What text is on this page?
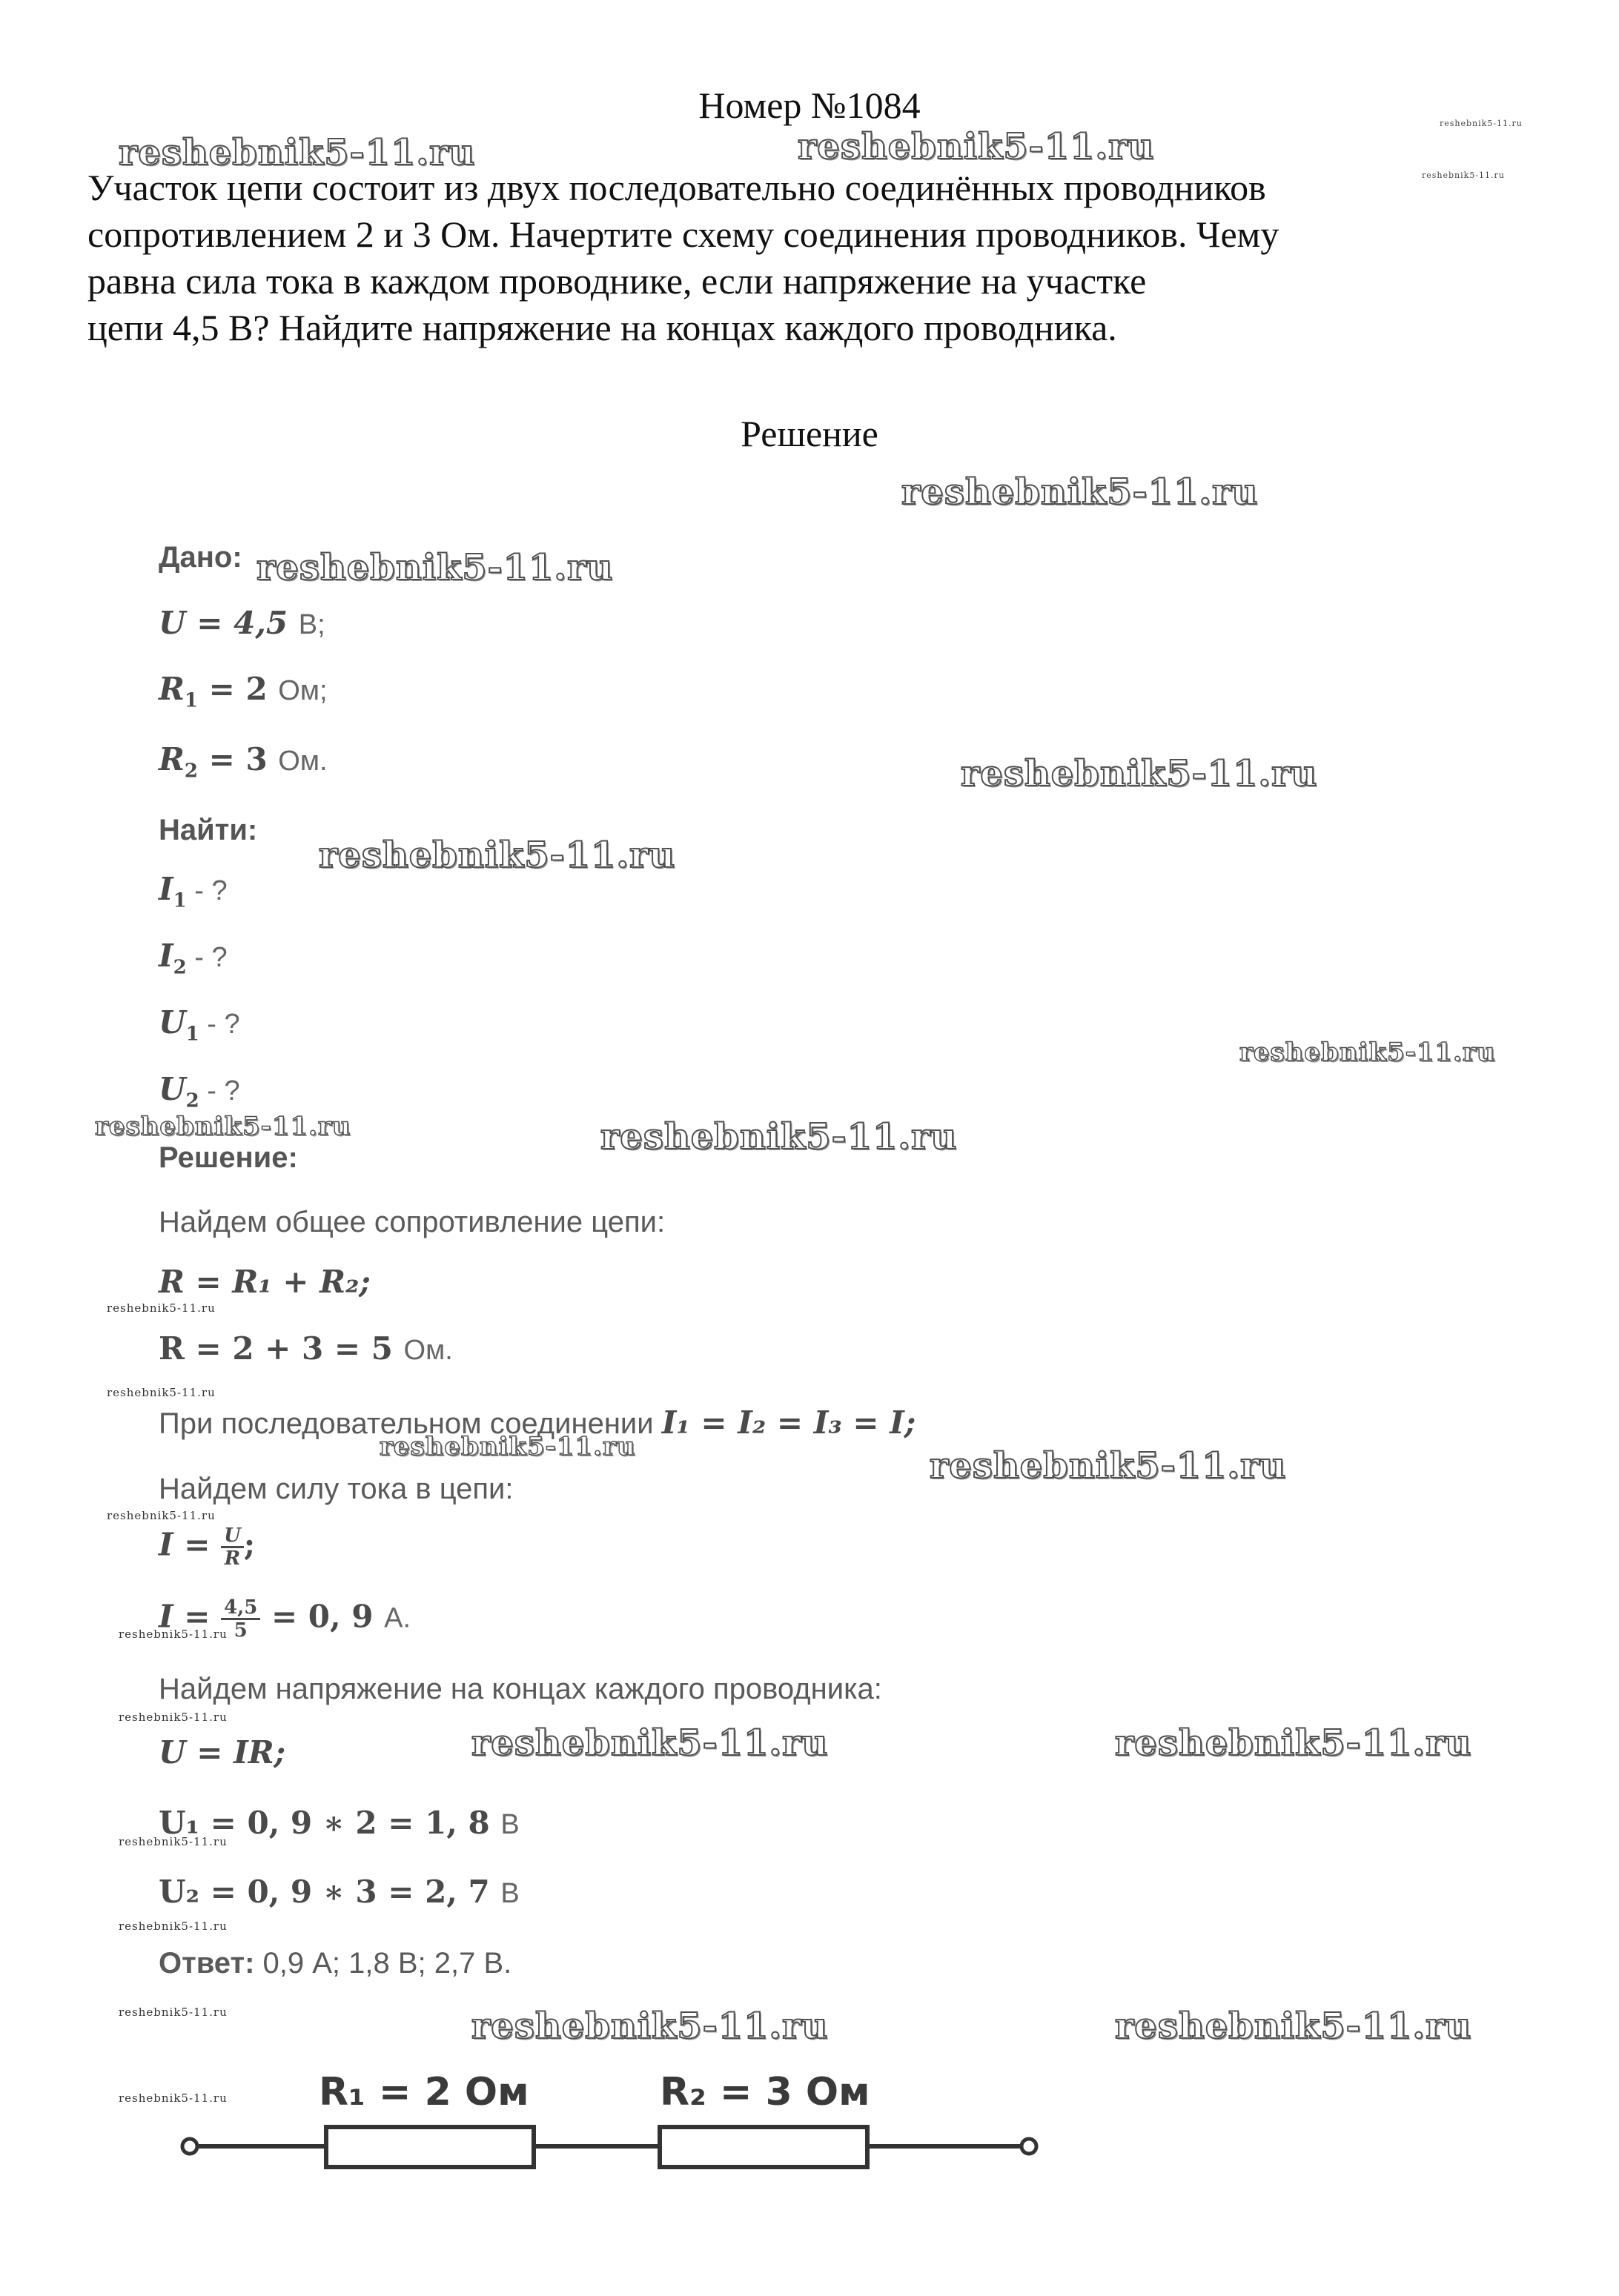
Номер №1084
Участок цепи состоит из двух последовательно соединённых проводников
сопротивлением 2 и 3 Ом. Начертите схему соединения проводников. Чему
равна сила тока в каждом проводнике, если напряжение на участке
цепи 4,5 В? Найдите напряжение на концах каждого проводника.
Решение
Дано:
U = 4,5 В;
$R_1 = 2$ Ом;
$R_2 = 3$ Ом.
Найти:
$I_1$ - ?
$I_2$ - ?
$U_1$ - ?
$U_2$ - ?
Решение:
Найдем общее сопротивление цепи:
R = R₁ + R₂;
R = 2 + 3 = 5 Ом.
При последовательном соединении I₁ = I₂ = I₃ = I;
Найдем силу тока в цепи:
$I = \frac{U}{R}$ ;
$I = \frac{4,5}{5} = 0$, 9 А.
Найдем напряжение на концах каждого проводника:
U = IR;
U₁ = 0, 9 ∗ 2 = 1, 8 В
U₂ = 0, 9 ∗ 3 = 2, 7 В
Ответ: 0,9 А; 1,8 В; 2,7 В.
R₁ = 2 Ом	R₂ = 3 Ом
reshebnik5-11.ru	reshebnik5-11.ru
reshebnik5-11.ru
reshebnik5-11.ru
reshebnik5-11.ru
reshebnik5-11.ru
reshebnik5-11.ru
reshebnik5-11.ru
reshebnik5-11.ru
reshebnik5-11.ru	reshebnik5-11.ru
reshebnik5-11.ru
reshebnik5-11.ru
reshebnik5-11.ru	reshebnik5-11.ru
reshebnik5-11.ru
reshebnik5-11.ru
reshebnik5-11.ru
reshebnik5-11.ru	reshebnik5-11.ru
reshebnik5-11.ru
reshebnik5-11.ru
reshebnik5-11.ru	reshebnik5-11.ru	reshebnik5-11.ru
reshebnik5-11.ru
